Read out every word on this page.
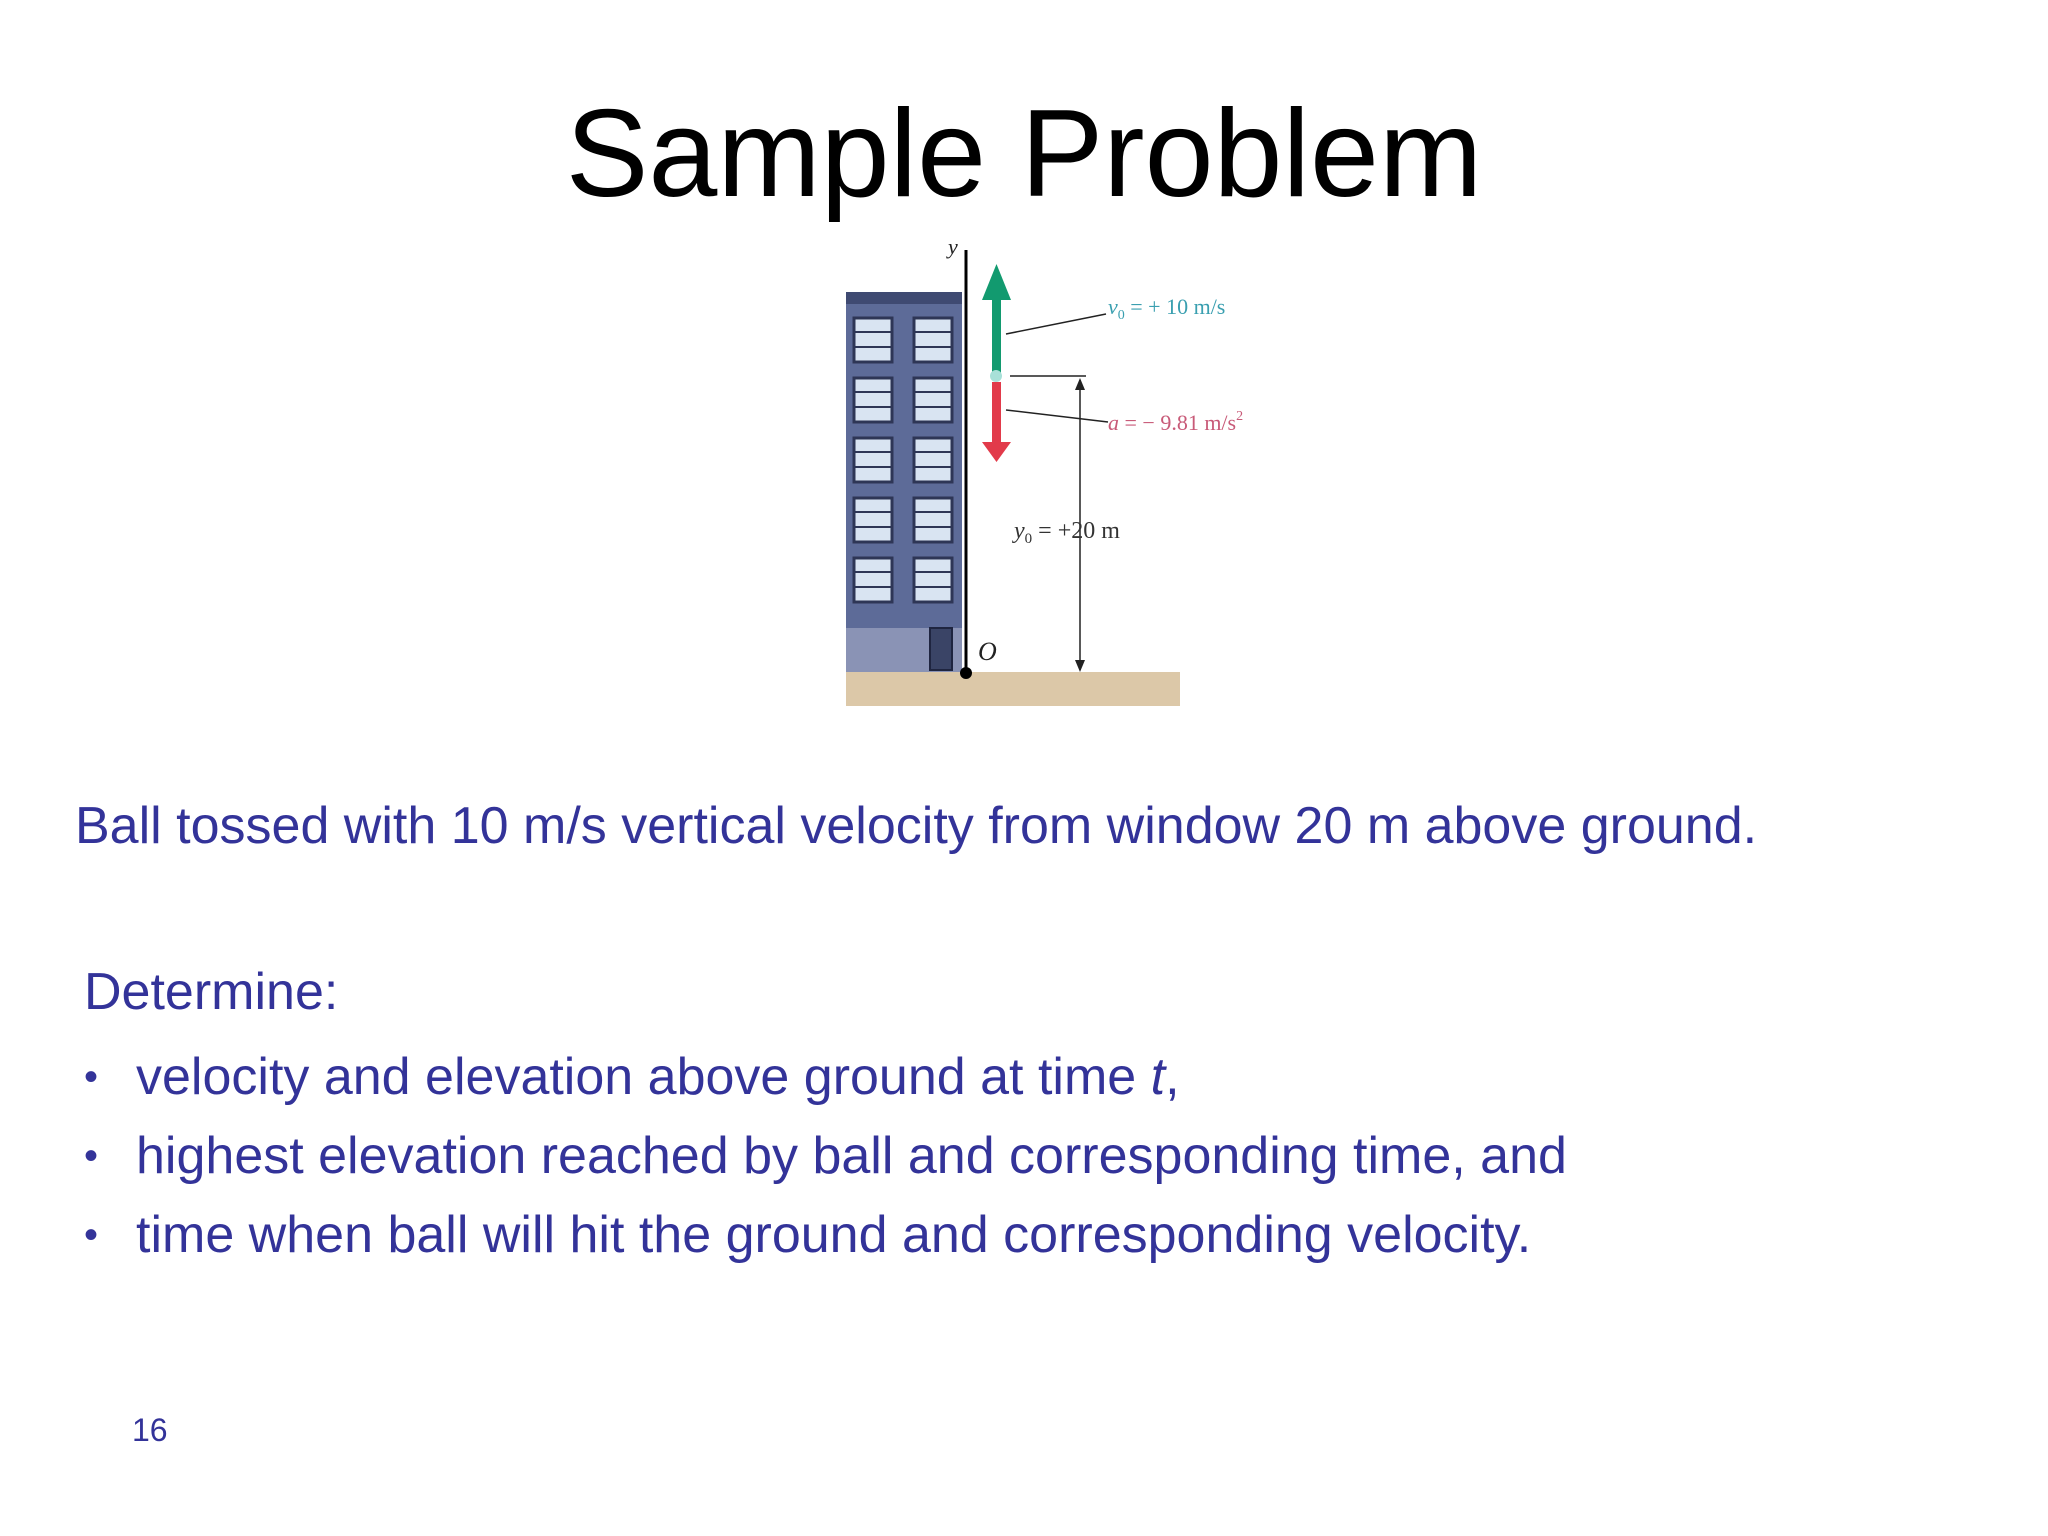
Sample Problem
y
O
$v_0$ = + 10 m/s
a = − 9.81 $m/s^2$
$y_0 = +20$ m

Ball tossed with 10 m/s vertical velocity from window 20 m above ground.

Determine:

• velocity and elevation above ground at time t,
• highest elevation reached by ball and corresponding time, and
• time when ball will hit the ground and corresponding velocity.
16
